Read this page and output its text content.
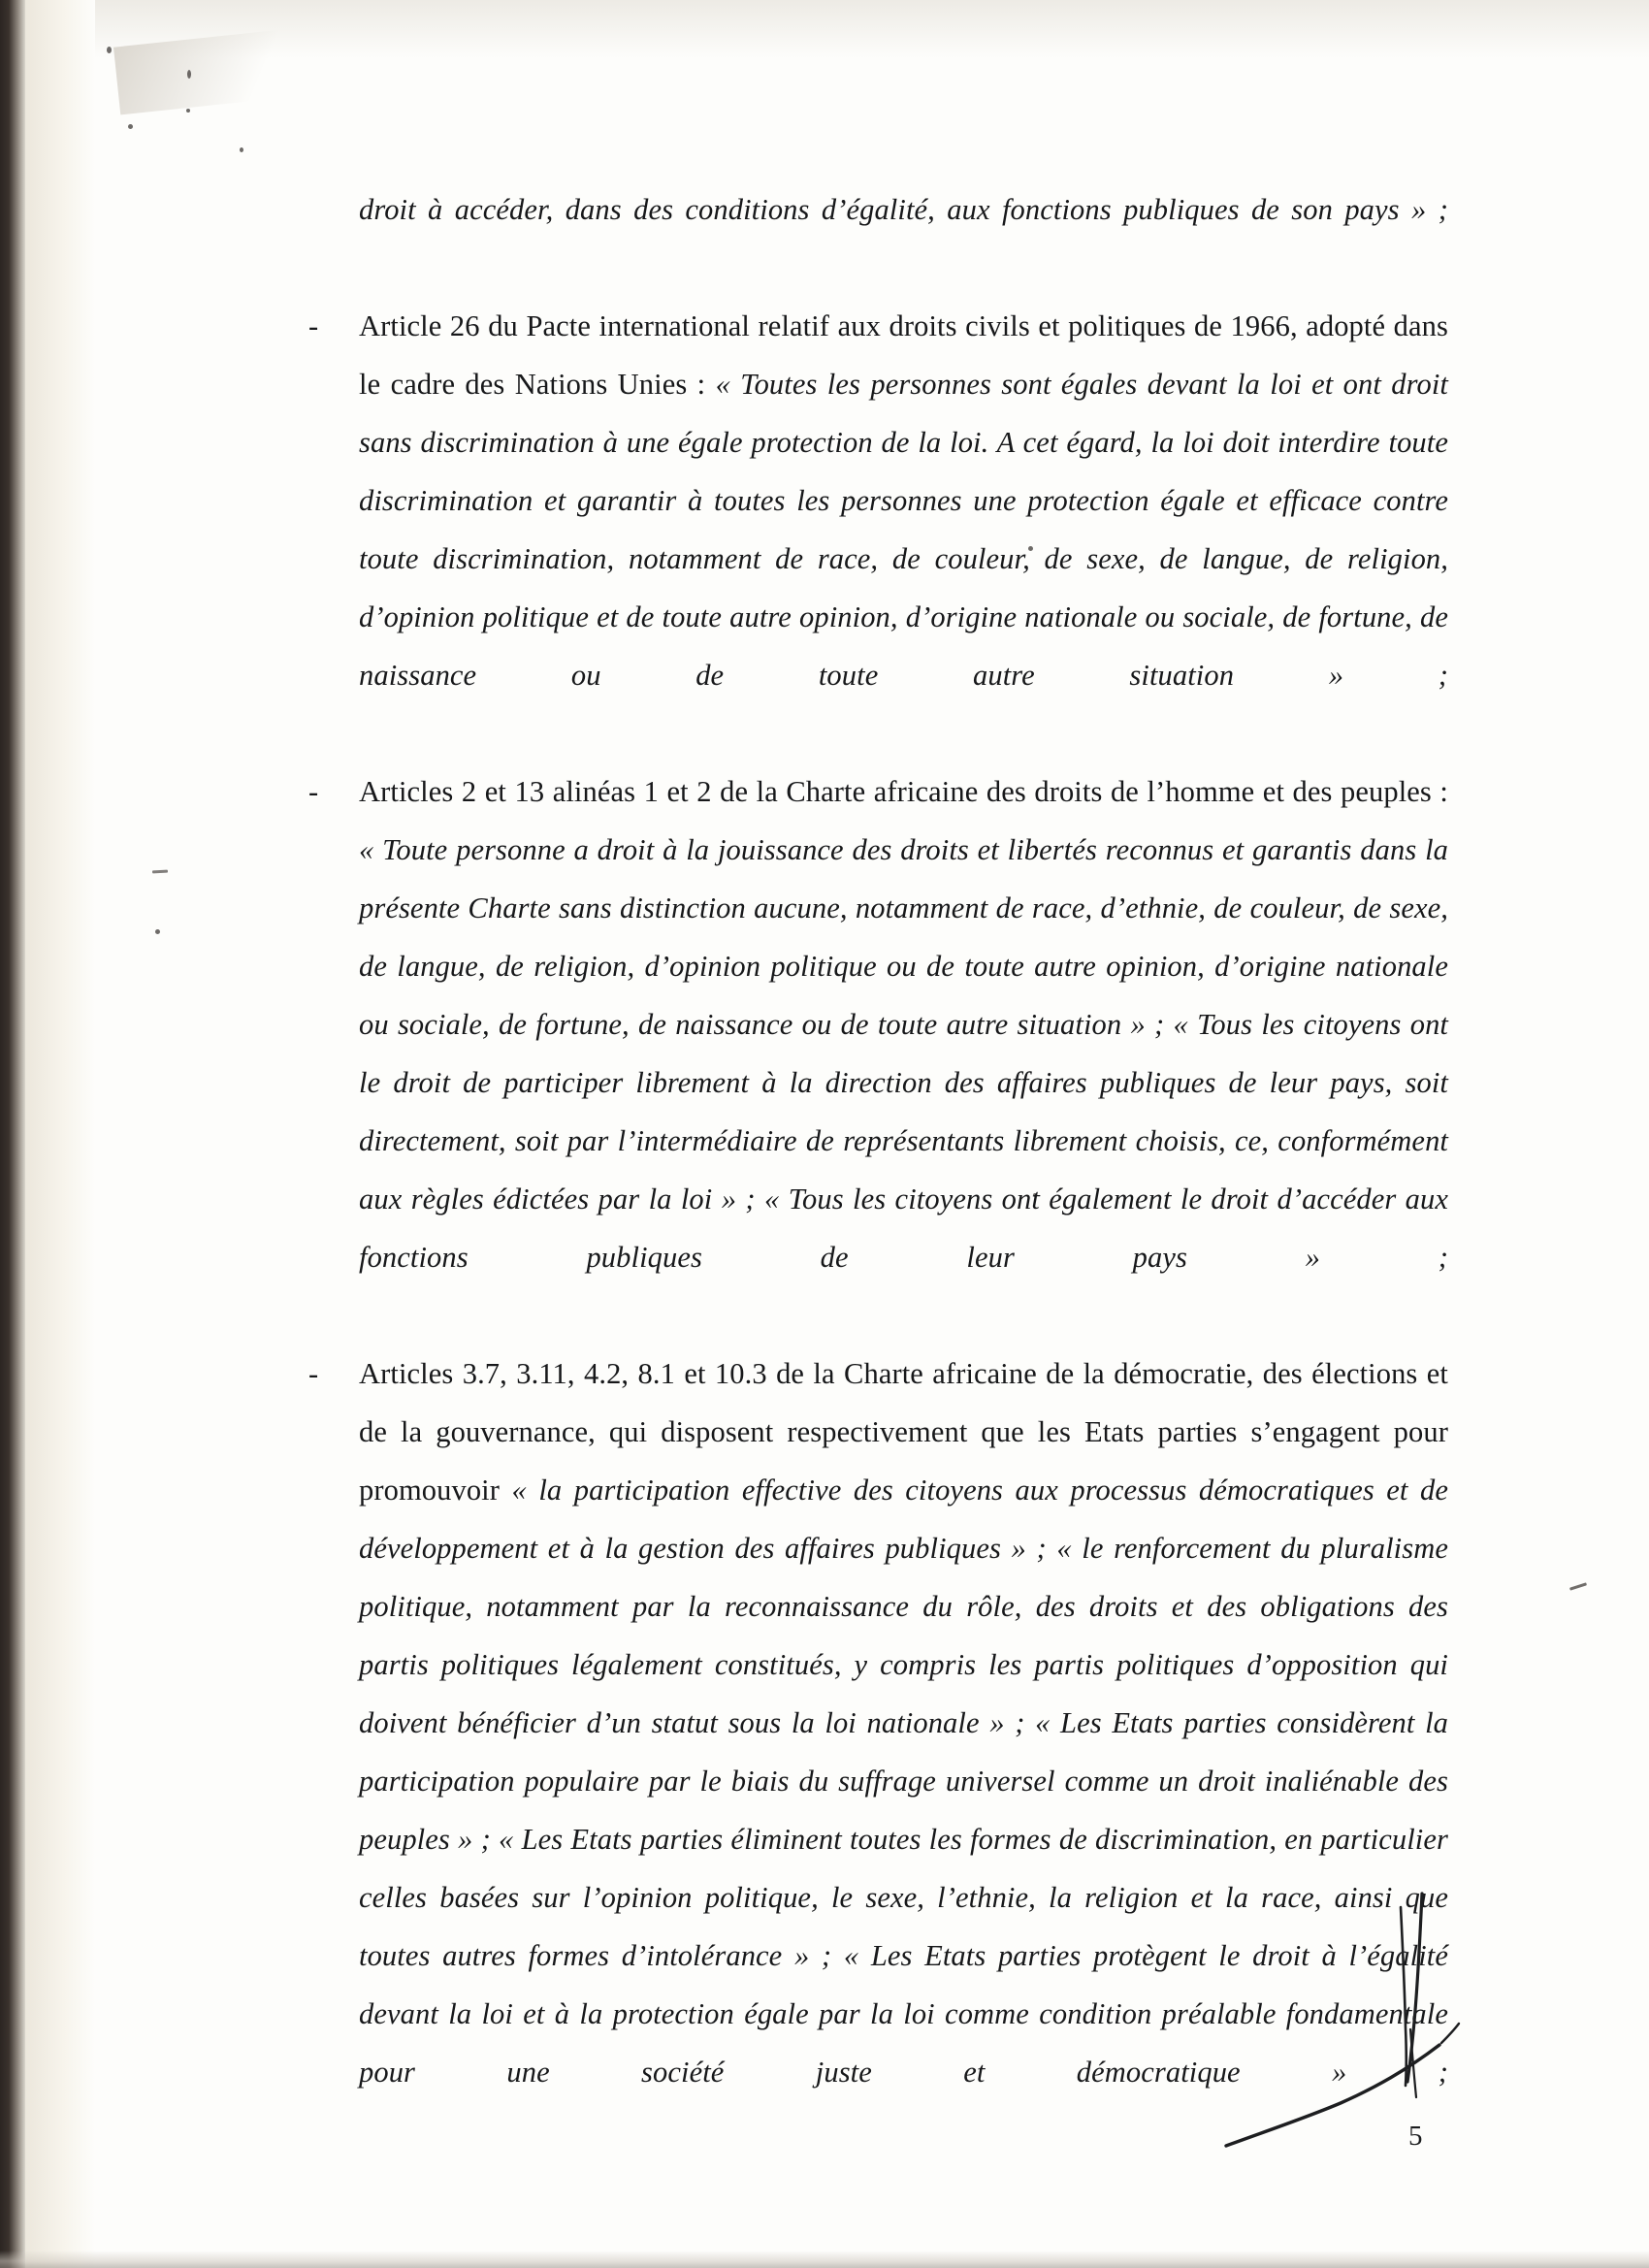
droit à accéder, dans des conditions d’égalité, aux fonctions publiques de son pays » ;
-	Article 26 du Pacte international relatif aux droits civils et politiques de 1966, adopté dans le cadre des Nations Unies : « Toutes les personnes sont égales devant la loi et ont droit sans discrimination à une égale protection de la loi. A cet égard, la loi doit interdire toute discrimination et garantir à toutes les personnes une protection égale et efficace contre toute discrimination, notamment de race, de couleur, de sexe, de langue, de religion, d’opinion politique et de toute autre opinion, d’origine nationale ou sociale, de fortune, de naissance ou de toute autre situation » ;
-	Articles 2 et 13 alinéas 1 et 2 de la Charte africaine des droits de l’homme et des peuples : « Toute personne a droit à la jouissance des droits et libertés reconnus et garantis dans la présente Charte sans distinction aucune, notamment de race, d’ethnie, de couleur, de sexe, de langue, de religion, d’opinion politique ou de toute autre opinion, d’origine nationale ou sociale, de fortune, de naissance ou de toute autre situation » ; « Tous les citoyens ont le droit de participer librement à la direction des affaires publiques de leur pays, soit directement, soit par l’intermédiaire de représentants librement choisis, ce, conformément aux règles édictées par la loi » ; « Tous les citoyens ont également le droit d’accéder aux fonctions publiques de leur pays » ;
-	Articles 3.7, 3.11, 4.2, 8.1 et 10.3 de la Charte africaine de la démocratie, des élections et de la gouvernance, qui disposent respectivement que les Etats parties s’engagent pour promouvoir « la participation effective des citoyens aux processus démocratiques et de développement et à la gestion des affaires publiques » ; « le renforcement du pluralisme politique, notamment par la reconnaissance du rôle, des droits et des obligations des partis politiques légalement constitués, y compris les partis politiques d’opposition qui doivent bénéficier d’un statut sous la loi nationale » ; « Les Etats parties considèrent la participation populaire par le biais du suffrage universel comme un droit inaliénable des peuples » ; « Les Etats parties éliminent toutes les formes de discrimination, en particulier celles basées sur l’opinion politique, le sexe, l’ethnie, la religion et la race, ainsi que toutes autres formes d’intolérance » ; « Les Etats parties protègent le droit à l’égalité devant la loi et à la protection égale par la loi comme condition préalable fondamentale pour une société juste et démocratique » ;
5
